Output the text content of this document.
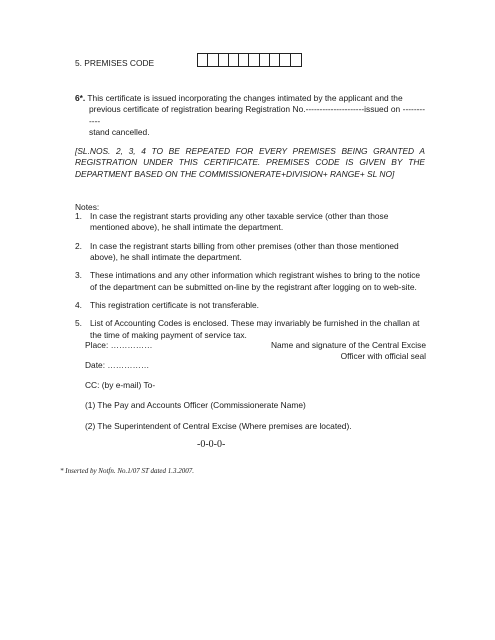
5. PREMISES CODE
6*. This certificate is issued incorporating the changes intimated by the applicant and the
previous certificate of registration bearing Registration No.---------------------issued on ------------
stand cancelled.
[SL.NOS. 2, 3, 4 TO BE REPEATED FOR EVERY PREMISES BEING GRANTED A REGISTRATION UNDER THIS CERTIFICATE. PREMISES CODE IS GIVEN BY THE DEPARTMENT BASED ON THE COMMISSIONERATE+DIVISION+ RANGE+ SL NO]
Notes:
1. In case the registrant starts providing any other taxable service (other than those mentioned above), he shall intimate the department.
2. In case the registrant starts billing from other premises (other than those mentioned above), he shall intimate the department.
3. These intimations and any other information which registrant wishes to bring to the notice of the department can be submitted on-line by the registrant after logging on to web-site.
4. This registration certificate is not transferable.
5. List of Accounting Codes is enclosed. These may invariably be furnished in the challan at the time of making payment of service tax.
Place: ……………
Date: ……………
Name and signature of the Central Excise
Officer with official seal
CC: (by e-mail) To-
(1) The Pay and Accounts Officer (Commissionerate Name)
(2) The Superintendent of Central Excise (Where premises are located).
-0-0-0-
* Inserted by Notfn. No.1/07 ST dated 1.3.2007.
